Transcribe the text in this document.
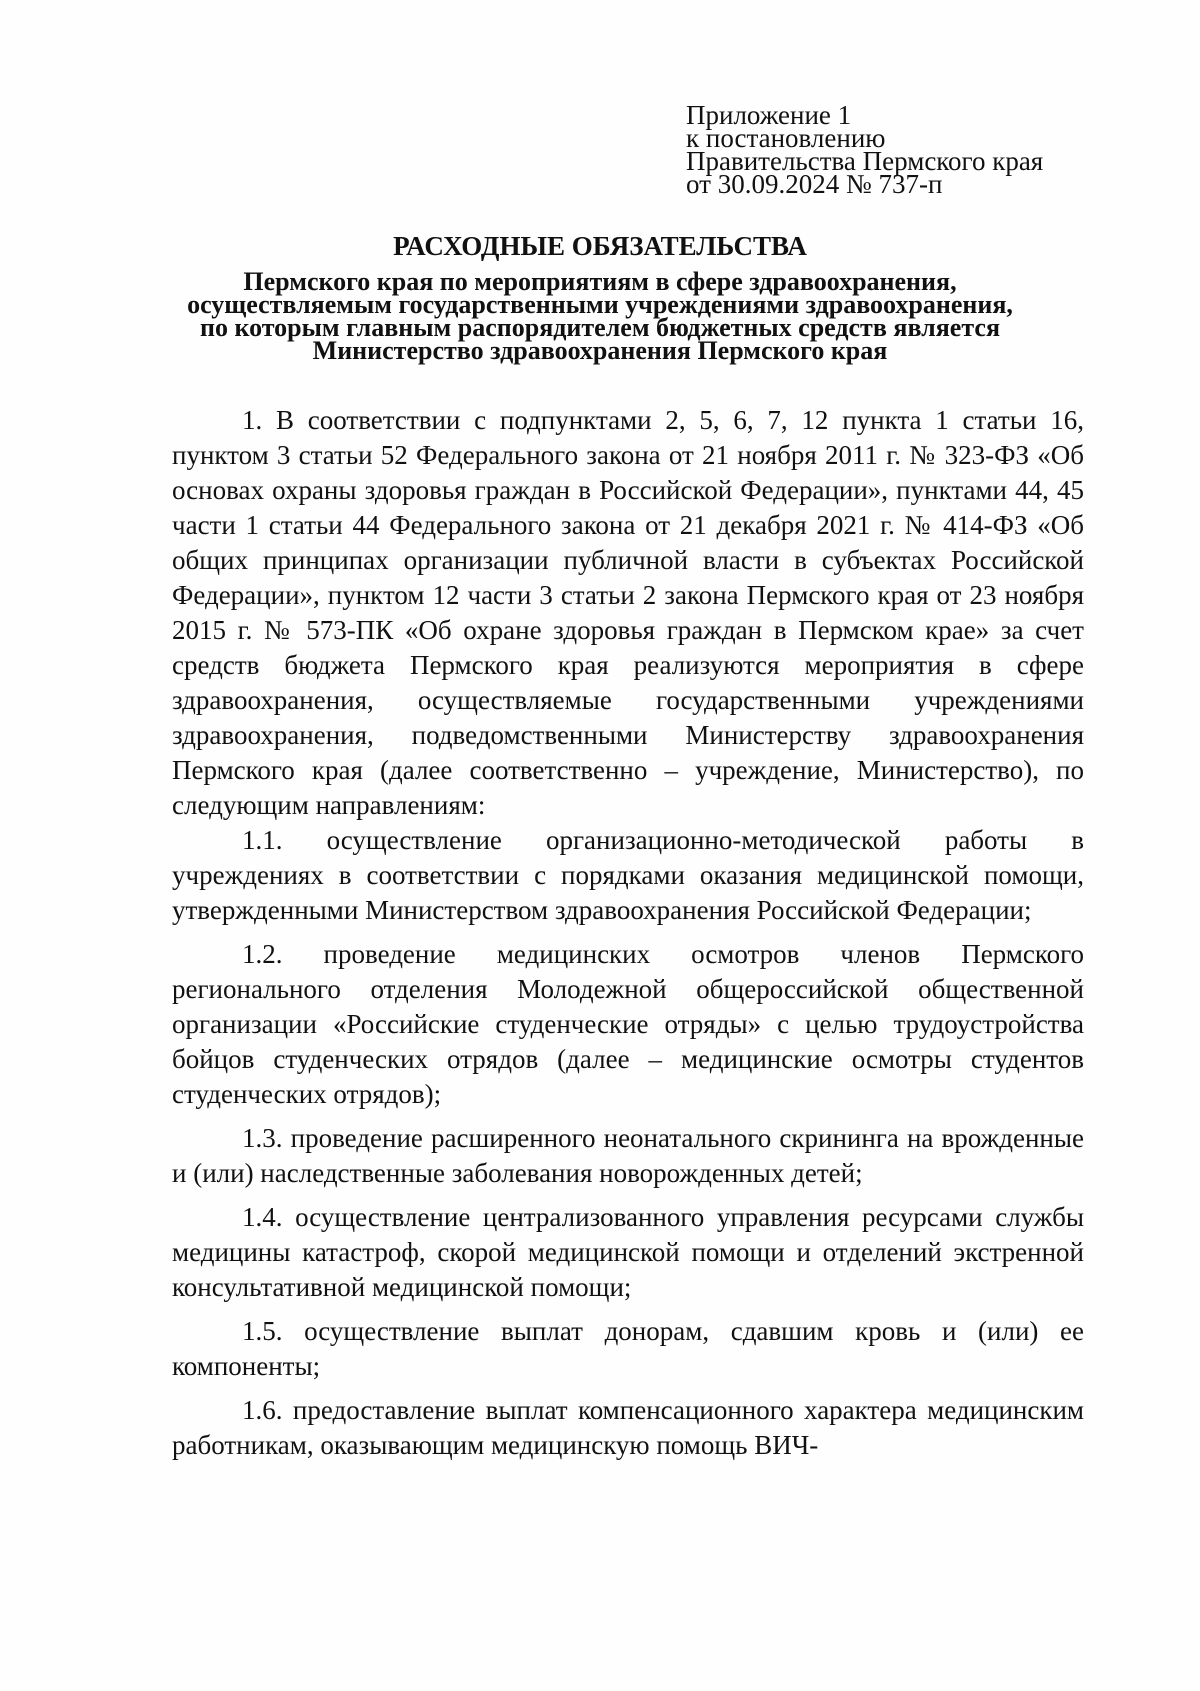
Приложение 1
к постановлению
Правительства Пермского края
от 30.09.2024 № 737-п
РАСХОДНЫЕ ОБЯЗАТЕЛЬСТВА
Пермского края по мероприятиям в сфере здравоохранения,
осуществляемым государственными учреждениями здравоохранения,
по которым главным распорядителем бюджетных средств является
Министерство здравоохранения Пермского края

1. В соответствии с подпунктами 2, 5, 6, 7, 12 пункта 1 статьи 16, пунктом 3 статьи 52 Федерального закона от 21 ноября 2011 г. № 323-ФЗ «Об основах охраны здоровья граждан в Российской Федерации», пунктами 44, 45 части 1 статьи 44 Федерального закона от 21 декабря 2021 г. № 414-ФЗ «Об общих принципах организации публичной власти в субъектах Российской Федерации», пунктом 12 части 3 статьи 2 закона Пермского края от 23 ноября 2015 г. № 573-ПК «Об охране здоровья граждан в Пермском крае» за счет средств бюджета Пермского края реализуются мероприятия в сфере здравоохранения, осуществляемые государственными учреждениями здравоохранения, подведомственными Министерству здравоохранения Пермского края (далее соответственно – учреждение, Министерство), по следующим направлениям:

1.1. осуществление организационно-методической работы в учреждениях в соответствии с порядками оказания медицинской помощи, утвержденными Министерством здравоохранения Российской Федерации;

1.2. проведение медицинских осмотров членов Пермского регионального отделения Молодежной общероссийской общественной организации «Российские студенческие отряды» с целью трудоустройства бойцов студенческих отрядов (далее – медицинские осмотры студентов студенческих отрядов);

1.3. проведение расширенного неонатального скрининга на врожденные и (или) наследственные заболевания новорожденных детей;

1.4. осуществление централизованного управления ресурсами службы медицины катастроф, скорой медицинской помощи и отделений экстренной консультативной медицинской помощи;

1.5. осуществление выплат донорам, сдавшим кровь и (или) ее компоненты;

1.6. предоставление выплат компенсационного характера медицинским работникам, оказывающим медицинскую помощь ВИЧ-
